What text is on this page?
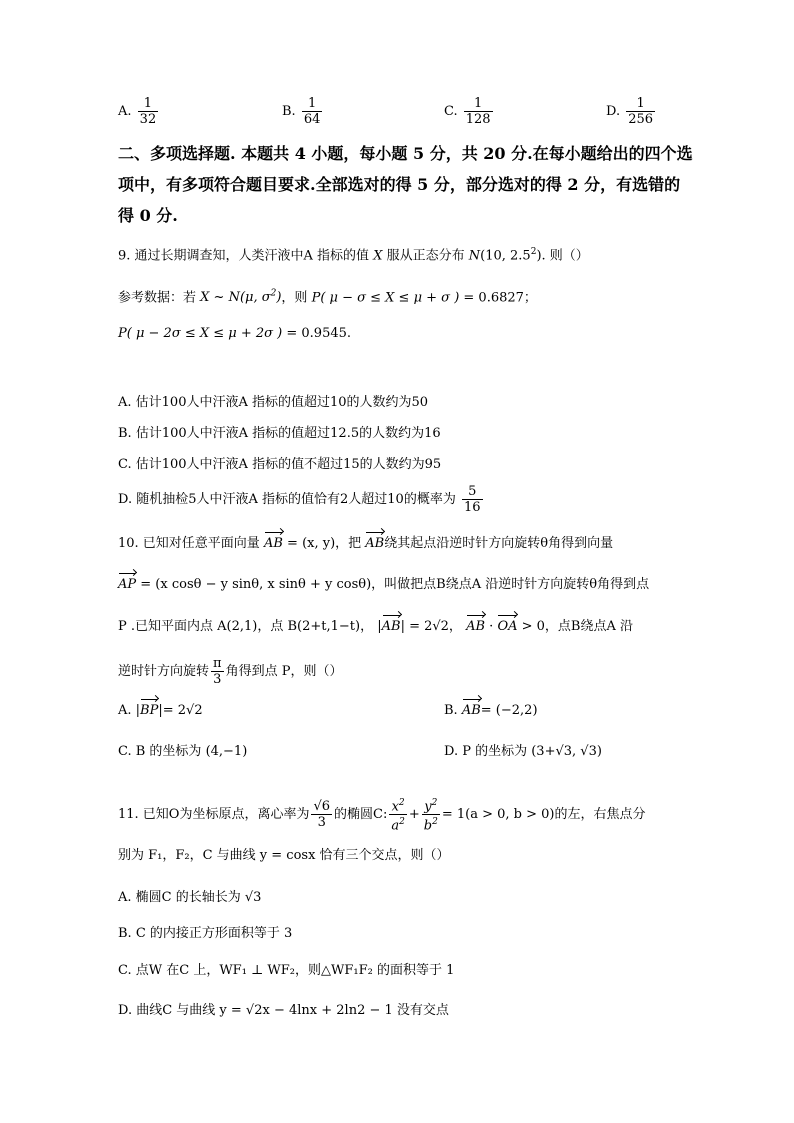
A. $\frac{1}{32}$	B. $\frac{1}{64}$	C. $\frac{1}{128}$	D. $\frac{1}{256}$
二、多项选择题. 本题共 4 小题，每小题 5 分，共 20 分.在每小题给出的四个选
项中，有多项符合题目要求.全部选对的得 5 分，部分选对的得 2 分，有选错的
得 0 分.
9. 通过长期调查知，人类汗液中A 指标的值 X 服从正态分布 N(10, $2.5^2$). 则（）
参考数据：若 X ~ N(μ, $\sigma^2$)，则 P( μ − σ ≤ X ≤ μ + σ ) = 0.6827；
P( μ − 2σ ≤ X ≤ μ + 2σ ) = 0.9545.
A. 估计100人中汗液A 指标的值超过10的人数约为50
B. 估计100人中汗液A 指标的值超过12.5的人数约为16
C. 估计100人中汗液A 指标的值不超过15的人数约为95
D. 随机抽检5人中汗液A 指标的值恰有2人超过10的概率为 $\frac{5}{16}$
10. 已知对任意平面向量 AB = (x, y)，把 AB绕其起点沿逆时针方向旋转θ角得到向量
AP = (x cosθ − y sinθ, x sinθ + y cosθ)，叫做把点B绕点A 沿逆时针方向旋转θ角得到点
P .已知平面内点 A(2,1)，点 B(2+t,1−t)， |AB| = 2√2， AB · OA > 0，点B绕点A 沿
逆时针方向旋转 $\frac{\pi}{3}$ 角得到点 P，则（）
A. |BP|= 2√2	B. AB= (−2,2)
C. B 的坐标为 (4,−1)	D. P 的坐标为 (3+√3, √3)
11. 已知O为坐标原点，离心率为 $\frac{√6}{3}$ 的椭圆C: $\frac{x^2}{a^2} + \frac{y^2}{b^2} = 1(a > 0$, b > 0)的左，右焦点分
别为 F₁，F₂，C 与曲线 y = cosx 恰有三个交点，则（）
A. 椭圆C 的长轴长为 √3
B. C 的内接正方形面积等于 3
C. 点W 在C 上，WF₁ ⊥ WF₂，则△WF₁F₂ 的面积等于 1
D. 曲线C 与曲线 y = √2x − 4lnx + 2ln2 − 1 没有交点
